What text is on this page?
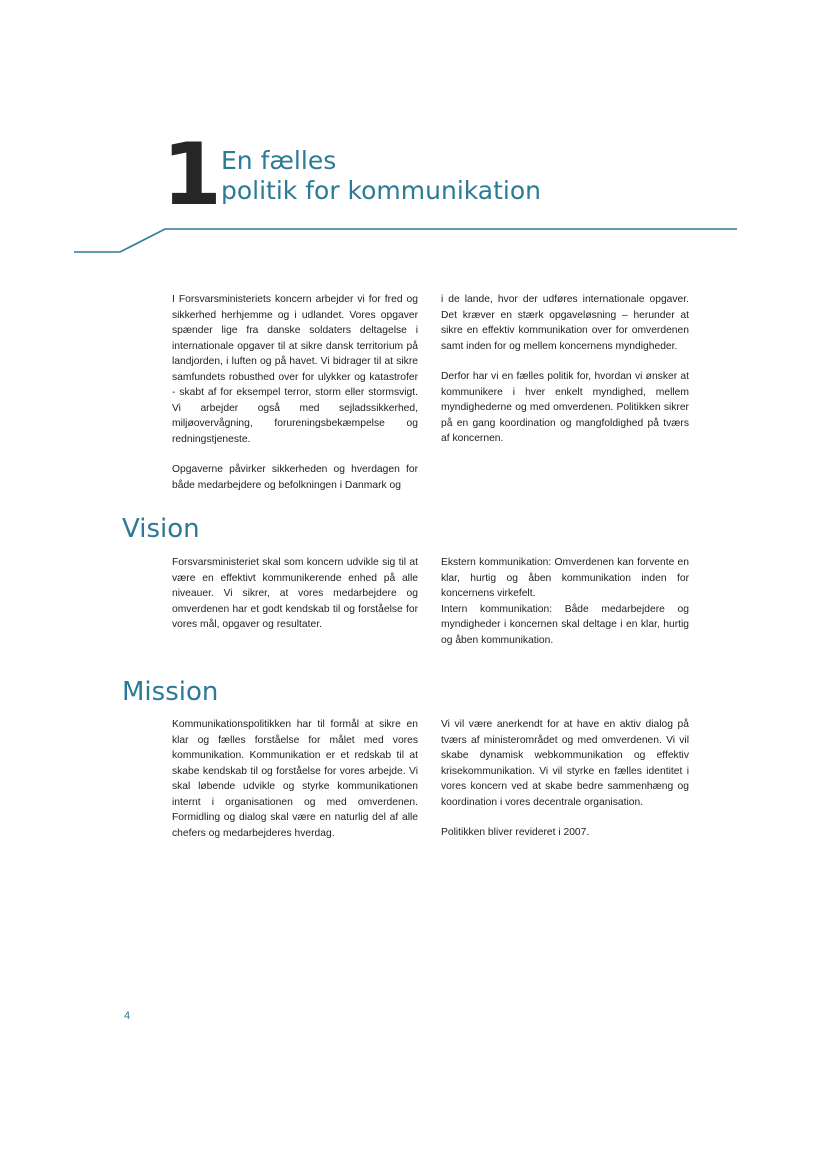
1 En fælles
politik for kommunikation

I Forsvarsministeriets koncern arbejder vi for fred og sikkerhed herhjemme og i udlandet. Vores opgaver spænder lige fra danske soldaters deltagelse i internationale opgaver til at sikre dansk territorium på landjorden, i luften og på havet. Vi bidrager til at sikre samfundets robusthed over for ulykker og katastrofer - skabt af for eksempel terror, storm eller stormsvigt. Vi arbejder også med sejladssikkerhed, miljøovervågning, forureningsbekæmpelse og redningstjeneste.

Opgaverne påvirker sikkerheden og hverdagen for både medarbejdere og befolkningen i Danmark og

i de lande, hvor der udføres internationale opgaver. Det kræver en stærk opgaveløsning – herunder at sikre en effektiv kommunikation over for omverdenen samt inden for og mellem koncernens myndigheder.

Derfor har vi en fælles politik for, hvordan vi ønsker at kommunikere i hver enkelt myndighed, mellem myndighederne og med omverdenen. Politikken sikrer på en gang koordination og mangfoldighed på tværs af koncernen.

Vision

Forsvarsministeriet skal som koncern udvikle sig til at være en effektivt kommunikerende enhed på alle niveauer. Vi sikrer, at vores medarbejdere og omverdenen har et godt kendskab til og forståelse for vores mål, opgaver og resultater.

Ekstern kommunikation: Omverdenen kan forvente en klar, hurtig og åben kommunikation inden for koncernens virkefelt.

Intern kommunikation: Både medarbejdere og myndigheder i koncernen skal deltage i en klar, hurtig og åben kommunikation.

Mission

Kommunikationspolitikken har til formål at sikre en klar og fælles forståelse for målet med vores kommunikation. Kommunikation er et redskab til at skabe kendskab til og forståelse for vores arbejde. Vi skal løbende udvikle og styrke kommunikationen internt i organisationen og med omverdenen. Formidling og dialog skal være en naturlig del af alle chefers og medarbejderes hverdag.

Vi vil være anerkendt for at have en aktiv dialog på tværs af ministerområdet og med omverdenen. Vi vil skabe dynamisk webkommunikation og effektiv krisekommunikation. Vi vil styrke en fælles identitet i vores koncern ved at skabe bedre sammenhæng og koordination i vores decentrale organisation.

Politikken bliver revideret i 2007.

4
